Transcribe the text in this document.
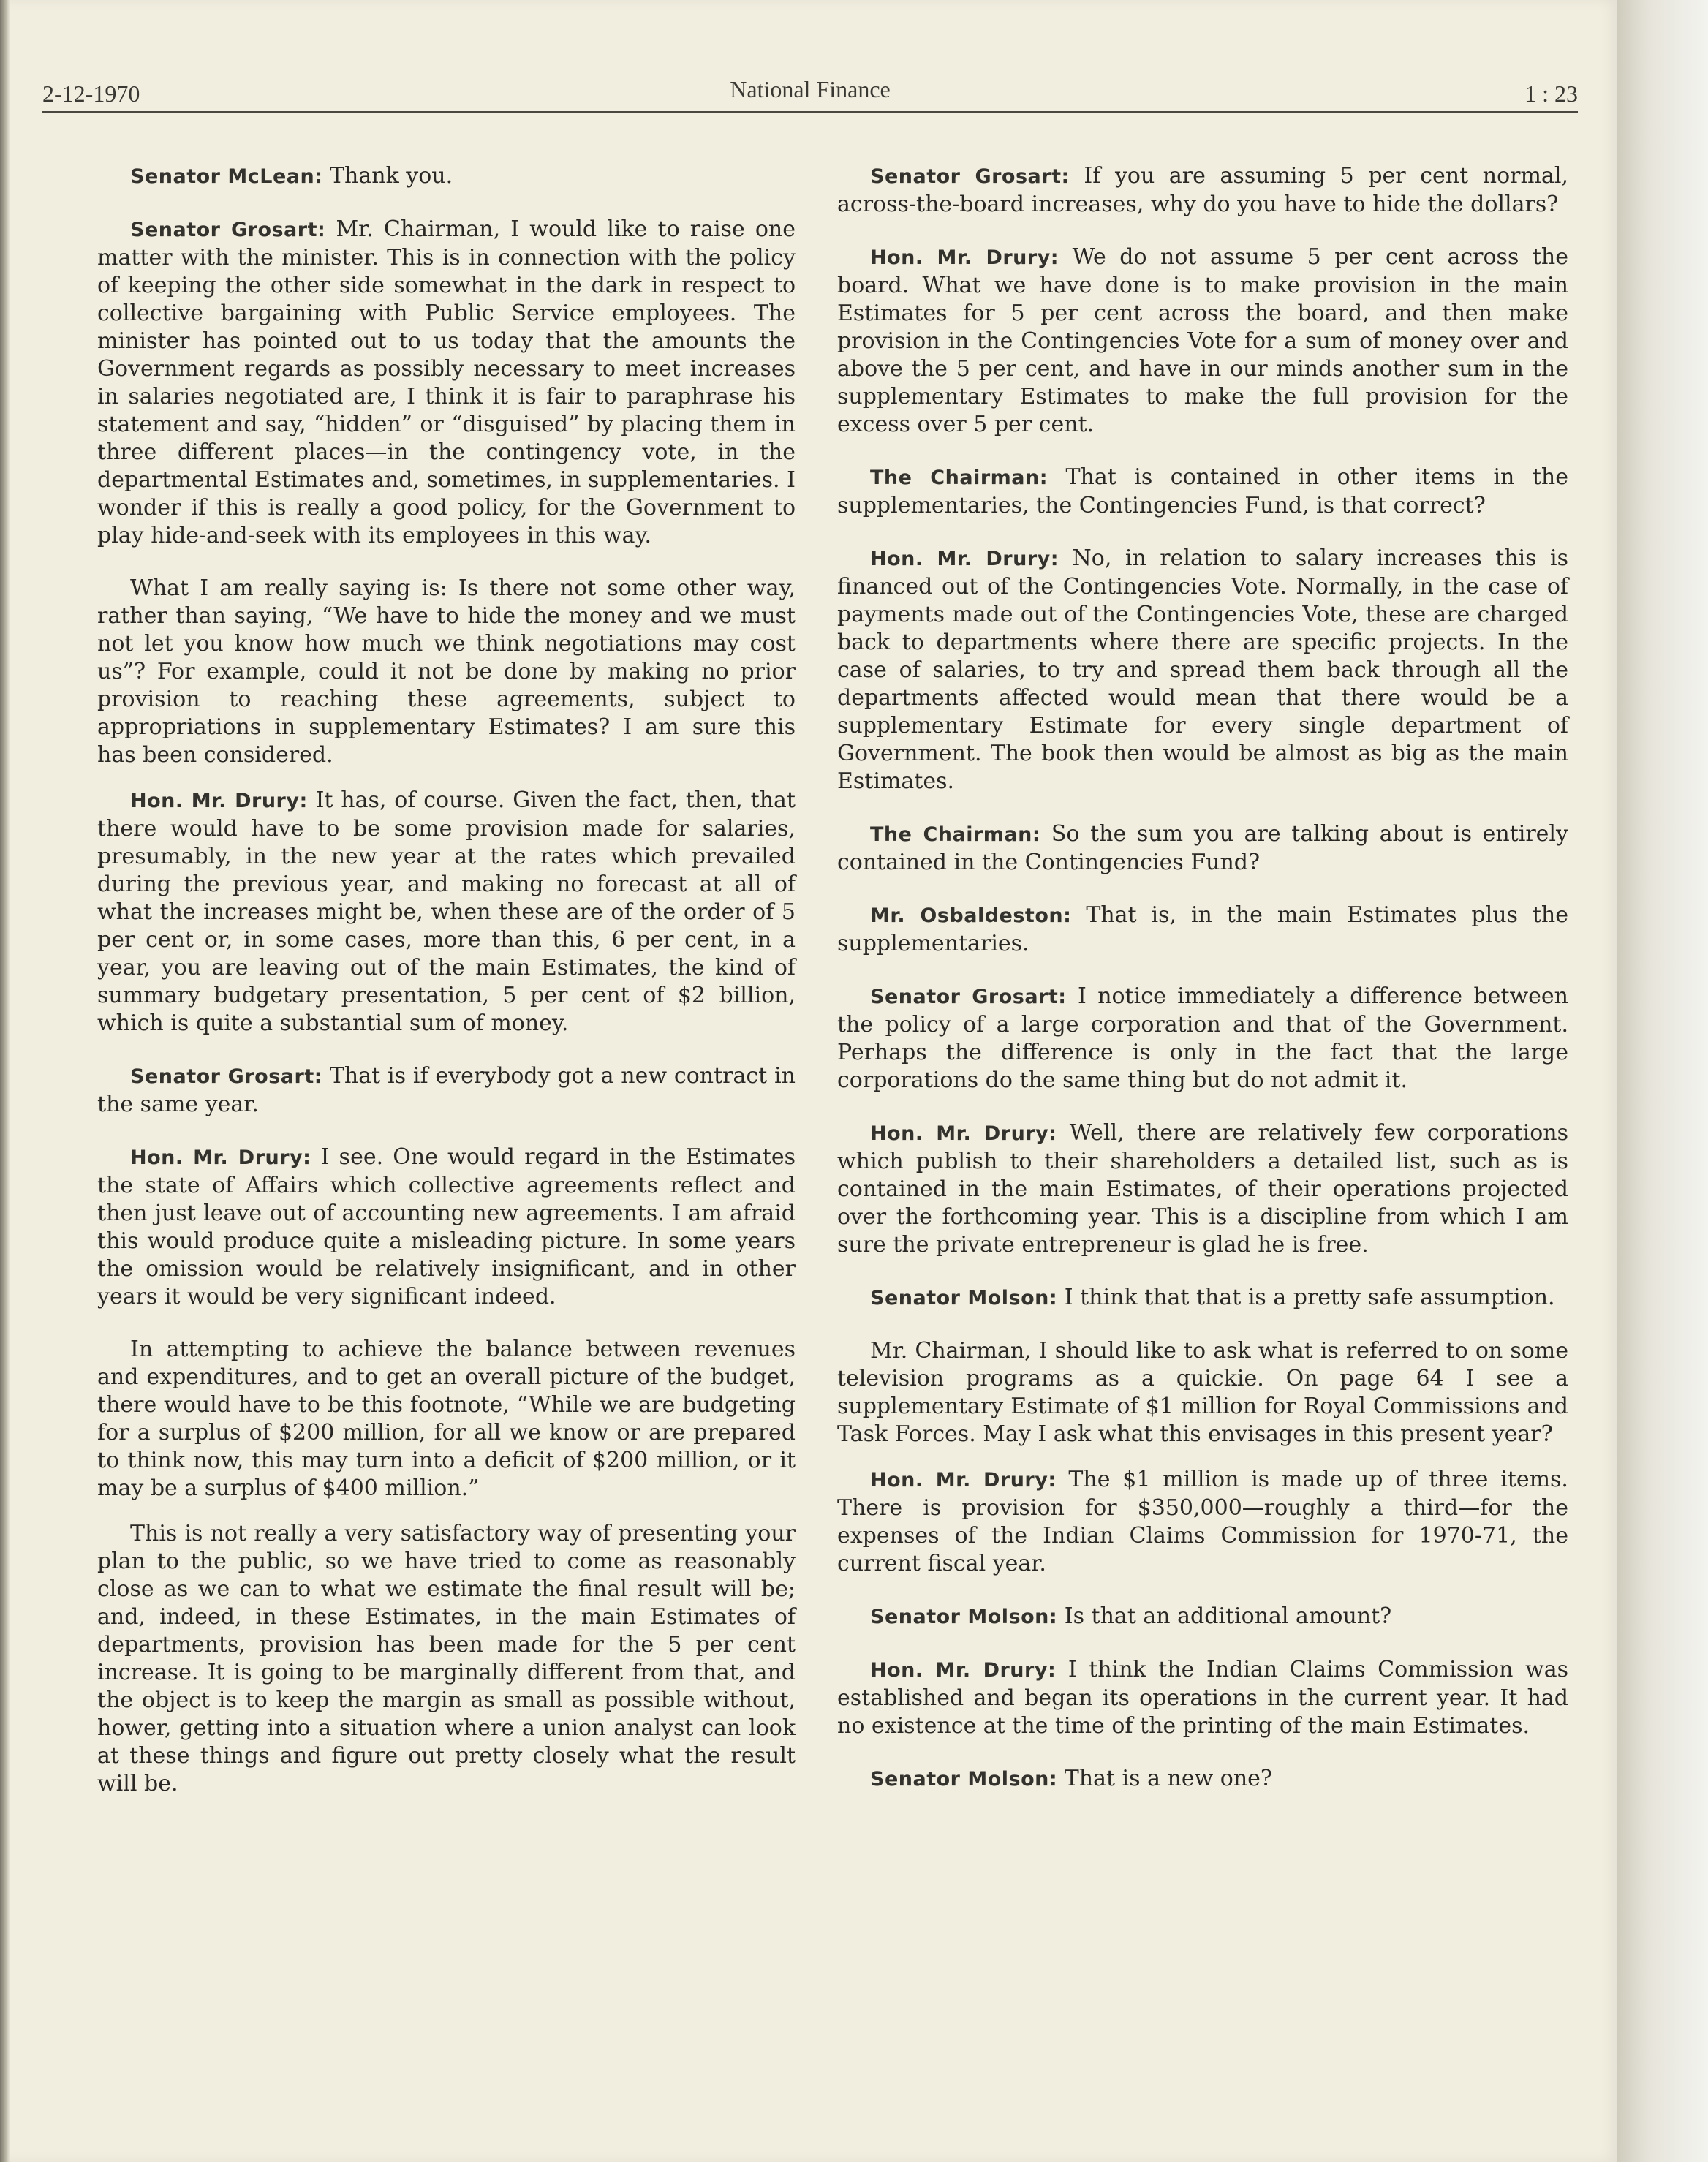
2-12-1970	National Finance	1 : 23

Senator McLean: Thank you.

Senator Grosart: Mr. Chairman, I would like to raise one matter with the minister. This is in connection with the policy of keeping the other side somewhat in the dark in respect to collective bargaining with Public Service employees. The minister has pointed out to us today that the amounts the Government regards as possibly necessary to meet increases in salaries negotiated are, I think it is fair to paraphrase his statement and say, “hidden” or “disguised” by placing them in three different places—in the contingency vote, in the departmental Estimates and, sometimes, in supplementaries. I wonder if this is really a good policy, for the Government to play hide-and-seek with its employees in this way.

What I am really saying is: Is there not some other way, rather than saying, “We have to hide the money and we must not let you know how much we think negotiations may cost us”? For example, could it not be done by making no prior provision to reaching these agreements, subject to appropriations in supplementary Estimates? I am sure this has been considered.

Hon. Mr. Drury: It has, of course. Given the fact, then, that there would have to be some provision made for salaries, presumably, in the new year at the rates which prevailed during the previous year, and making no forecast at all of what the increases might be, when these are of the order of 5 per cent or, in some cases, more than this, 6 per cent, in a year, you are leaving out of the main Estimates, the kind of summary budgetary presentation, 5 per cent of $2 billion, which is quite a substantial sum of money.

Senator Grosart: That is if everybody got a new contract in the same year.

Hon. Mr. Drury: I see. One would regard in the Estimates the state of Affairs which collective agreements reflect and then just leave out of accounting new agreements. I am afraid this would produce quite a misleading picture. In some years the omission would be relatively insignificant, and in other years it would be very significant indeed.

In attempting to achieve the balance between revenues and expenditures, and to get an overall picture of the budget, there would have to be this footnote, “While we are budgeting for a surplus of $200 million, for all we know or are prepared to think now, this may turn into a deficit of $200 million, or it may be a surplus of $400 million.”

This is not really a very satisfactory way of presenting your plan to the public, so we have tried to come as reasonably close as we can to what we estimate the final result will be; and, indeed, in these Estimates, in the main Estimates of departments, provision has been made for the 5 per cent increase. It is going to be marginally different from that, and the object is to keep the margin as small as possible without, hower, getting into a situation where a union analyst can look at these things and figure out pretty closely what the result will be.

Senator Grosart: If you are assuming 5 per cent normal, across-the-board increases, why do you have to hide the dollars?

Hon. Mr. Drury: We do not assume 5 per cent across the board. What we have done is to make provision in the main Estimates for 5 per cent across the board, and then make provision in the Contingencies Vote for a sum of money over and above the 5 per cent, and have in our minds another sum in the supplementary Estimates to make the full provision for the excess over 5 per cent.

The Chairman: That is contained in other items in the supplementaries, the Contingencies Fund, is that correct?

Hon. Mr. Drury: No, in relation to salary increases this is financed out of the Contingencies Vote. Normally, in the case of payments made out of the Contingencies Vote, these are charged back to departments where there are specific projects. In the case of salaries, to try and spread them back through all the departments affected would mean that there would be a supplementary Estimate for every single department of Government. The book then would be almost as big as the main Estimates.

The Chairman: So the sum you are talking about is entirely contained in the Contingencies Fund?

Mr. Osbaldeston: That is, in the main Estimates plus the supplementaries.

Senator Grosart: I notice immediately a difference between the policy of a large corporation and that of the Government. Perhaps the difference is only in the fact that the large corporations do the same thing but do not admit it.

Hon. Mr. Drury: Well, there are relatively few corporations which publish to their shareholders a detailed list, such as is contained in the main Estimates, of their operations projected over the forthcoming year. This is a discipline from which I am sure the private entrepreneur is glad he is free.

Senator Molson: I think that that is a pretty safe assumption.

Mr. Chairman, I should like to ask what is referred to on some television programs as a quickie. On page 64 I see a supplementary Estimate of $1 million for Royal Commissions and Task Forces. May I ask what this envisages in this present year?

Hon. Mr. Drury: The $1 million is made up of three items. There is provision for $350,000—roughly a third—for the expenses of the Indian Claims Commission for 1970-71, the current fiscal year.

Senator Molson: Is that an additional amount?

Hon. Mr. Drury: I think the Indian Claims Commission was established and began its operations in the current year. It had no existence at the time of the printing of the main Estimates.

Senator Molson: That is a new one?
